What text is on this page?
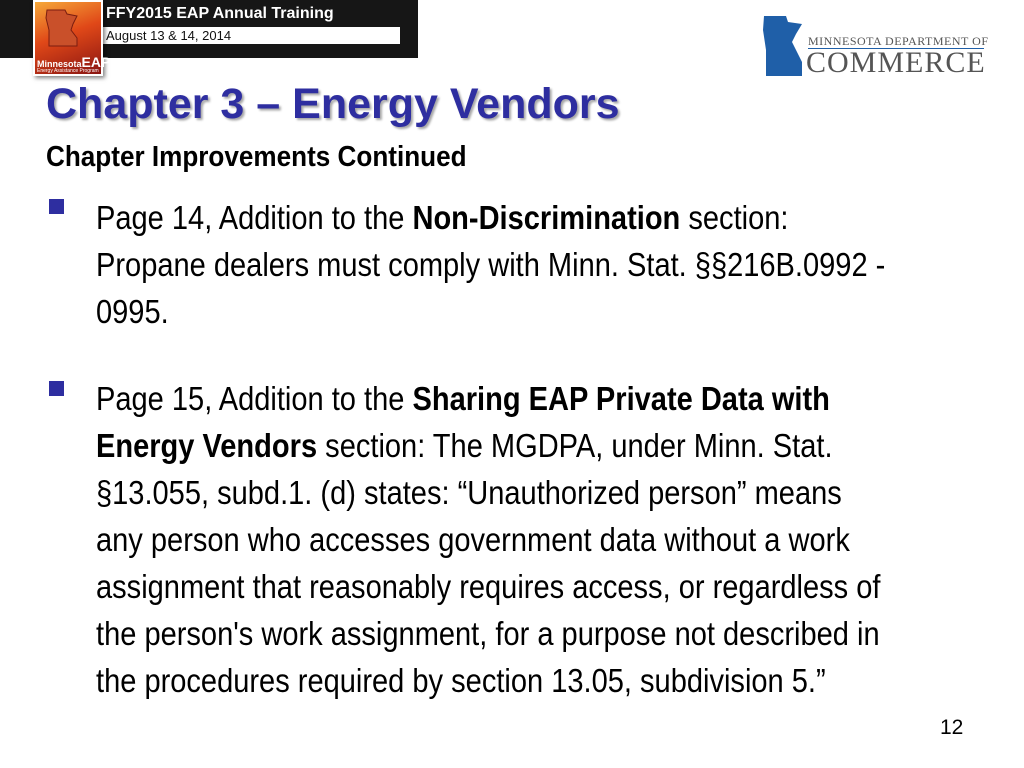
FFY2015 EAP Annual Training
August 13 & 14, 2014
MinnesotaEAP
Energy Assistance Program
MINNESOTA DEPARTMENT OF
COMMERCE
Chapter 3 – Energy Vendors
Chapter Improvements Continued
Page 14, Addition to the Non-Discrimination section: Propane dealers must comply with Minn. Stat. §§216B.0992 - 0995.
Page 15, Addition to the Sharing EAP Private Data with Energy Vendors section: The MGDPA, under Minn. Stat. §13.055, subd.1. (d) states: “Unauthorized person” means any person who accesses government data without a work assignment that reasonably requires access, or regardless of the person's work assignment, for a purpose not described in the procedures required by section 13.05, subdivision 5.”
12
